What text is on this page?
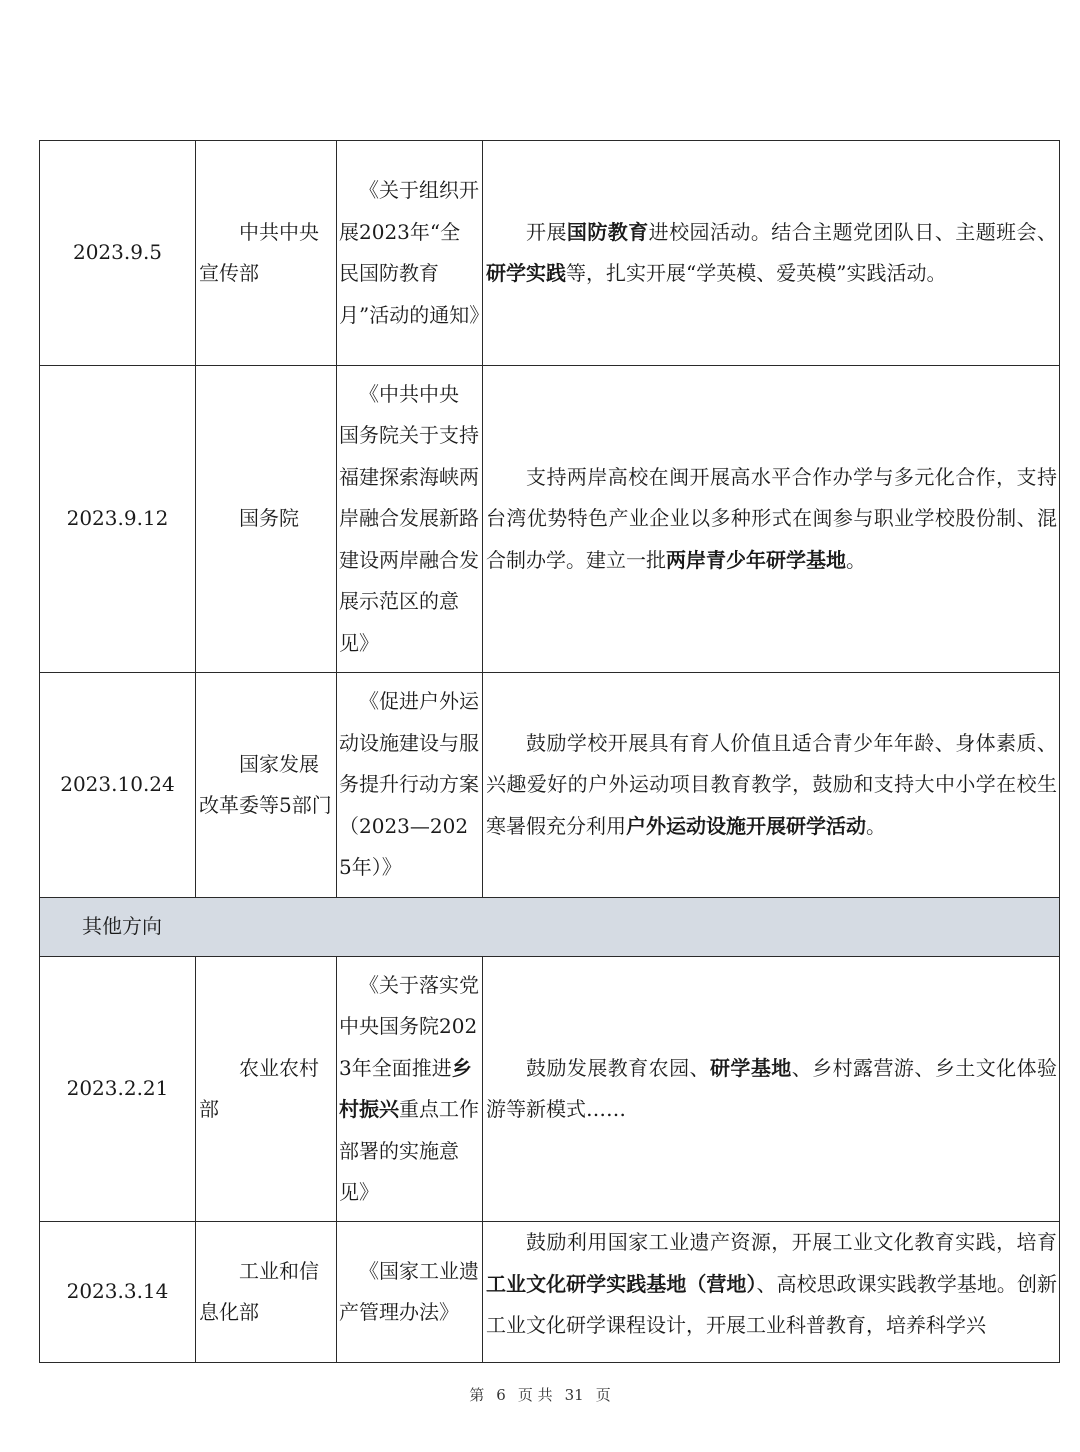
2023.9.5	中共中央宣传部	《关于组织开展2023年“全民国防教育月”活动的通知》	开展国防教育进校园活动。结合主题党团队日、主题班会、研学实践等，扎实开展“学英模、爱英模”实践活动。
2023.9.12	国务院	《中共中央 国务院关于支持福建探索海峡两岸融合发展新路 建设两岸融合发展示范区的意见》	支持两岸高校在闽开展高水平合作办学与多元化合作，支持台湾优势特色产业企业以多种形式在闽参与职业学校股份制、混合制办学。建立一批两岸青少年研学基地。
2023.10.24	国家发展改革委等5部门	《促进户外运动设施建设与服务提升行动方案（2023—2025年）》	鼓励学校开展具有育人价值且适合青少年年龄、身体素质、兴趣爱好的户外运动项目教育教学，鼓励和支持大中小学在校生寒暑假充分利用户外运动设施开展研学活动。
其他方向			
2023.2.21	农业农村部	《关于落实党中央国务院2023年全面推进乡村振兴重点工作部署的实施意见》	鼓励发展教育农园、研学基地、乡村露营游、乡土文化体验游等新模式……
2023.3.14	工业和信息化部	《国家工业遗产管理办法》	鼓励利用国家工业遗产资源，开展工业文化教育实践，培育工业文化研学实践基地（营地）、高校思政课实践教学基地。创新工业文化研学课程设计，开展工业科普教育，培养科学兴
第 6 页 共 31 页
